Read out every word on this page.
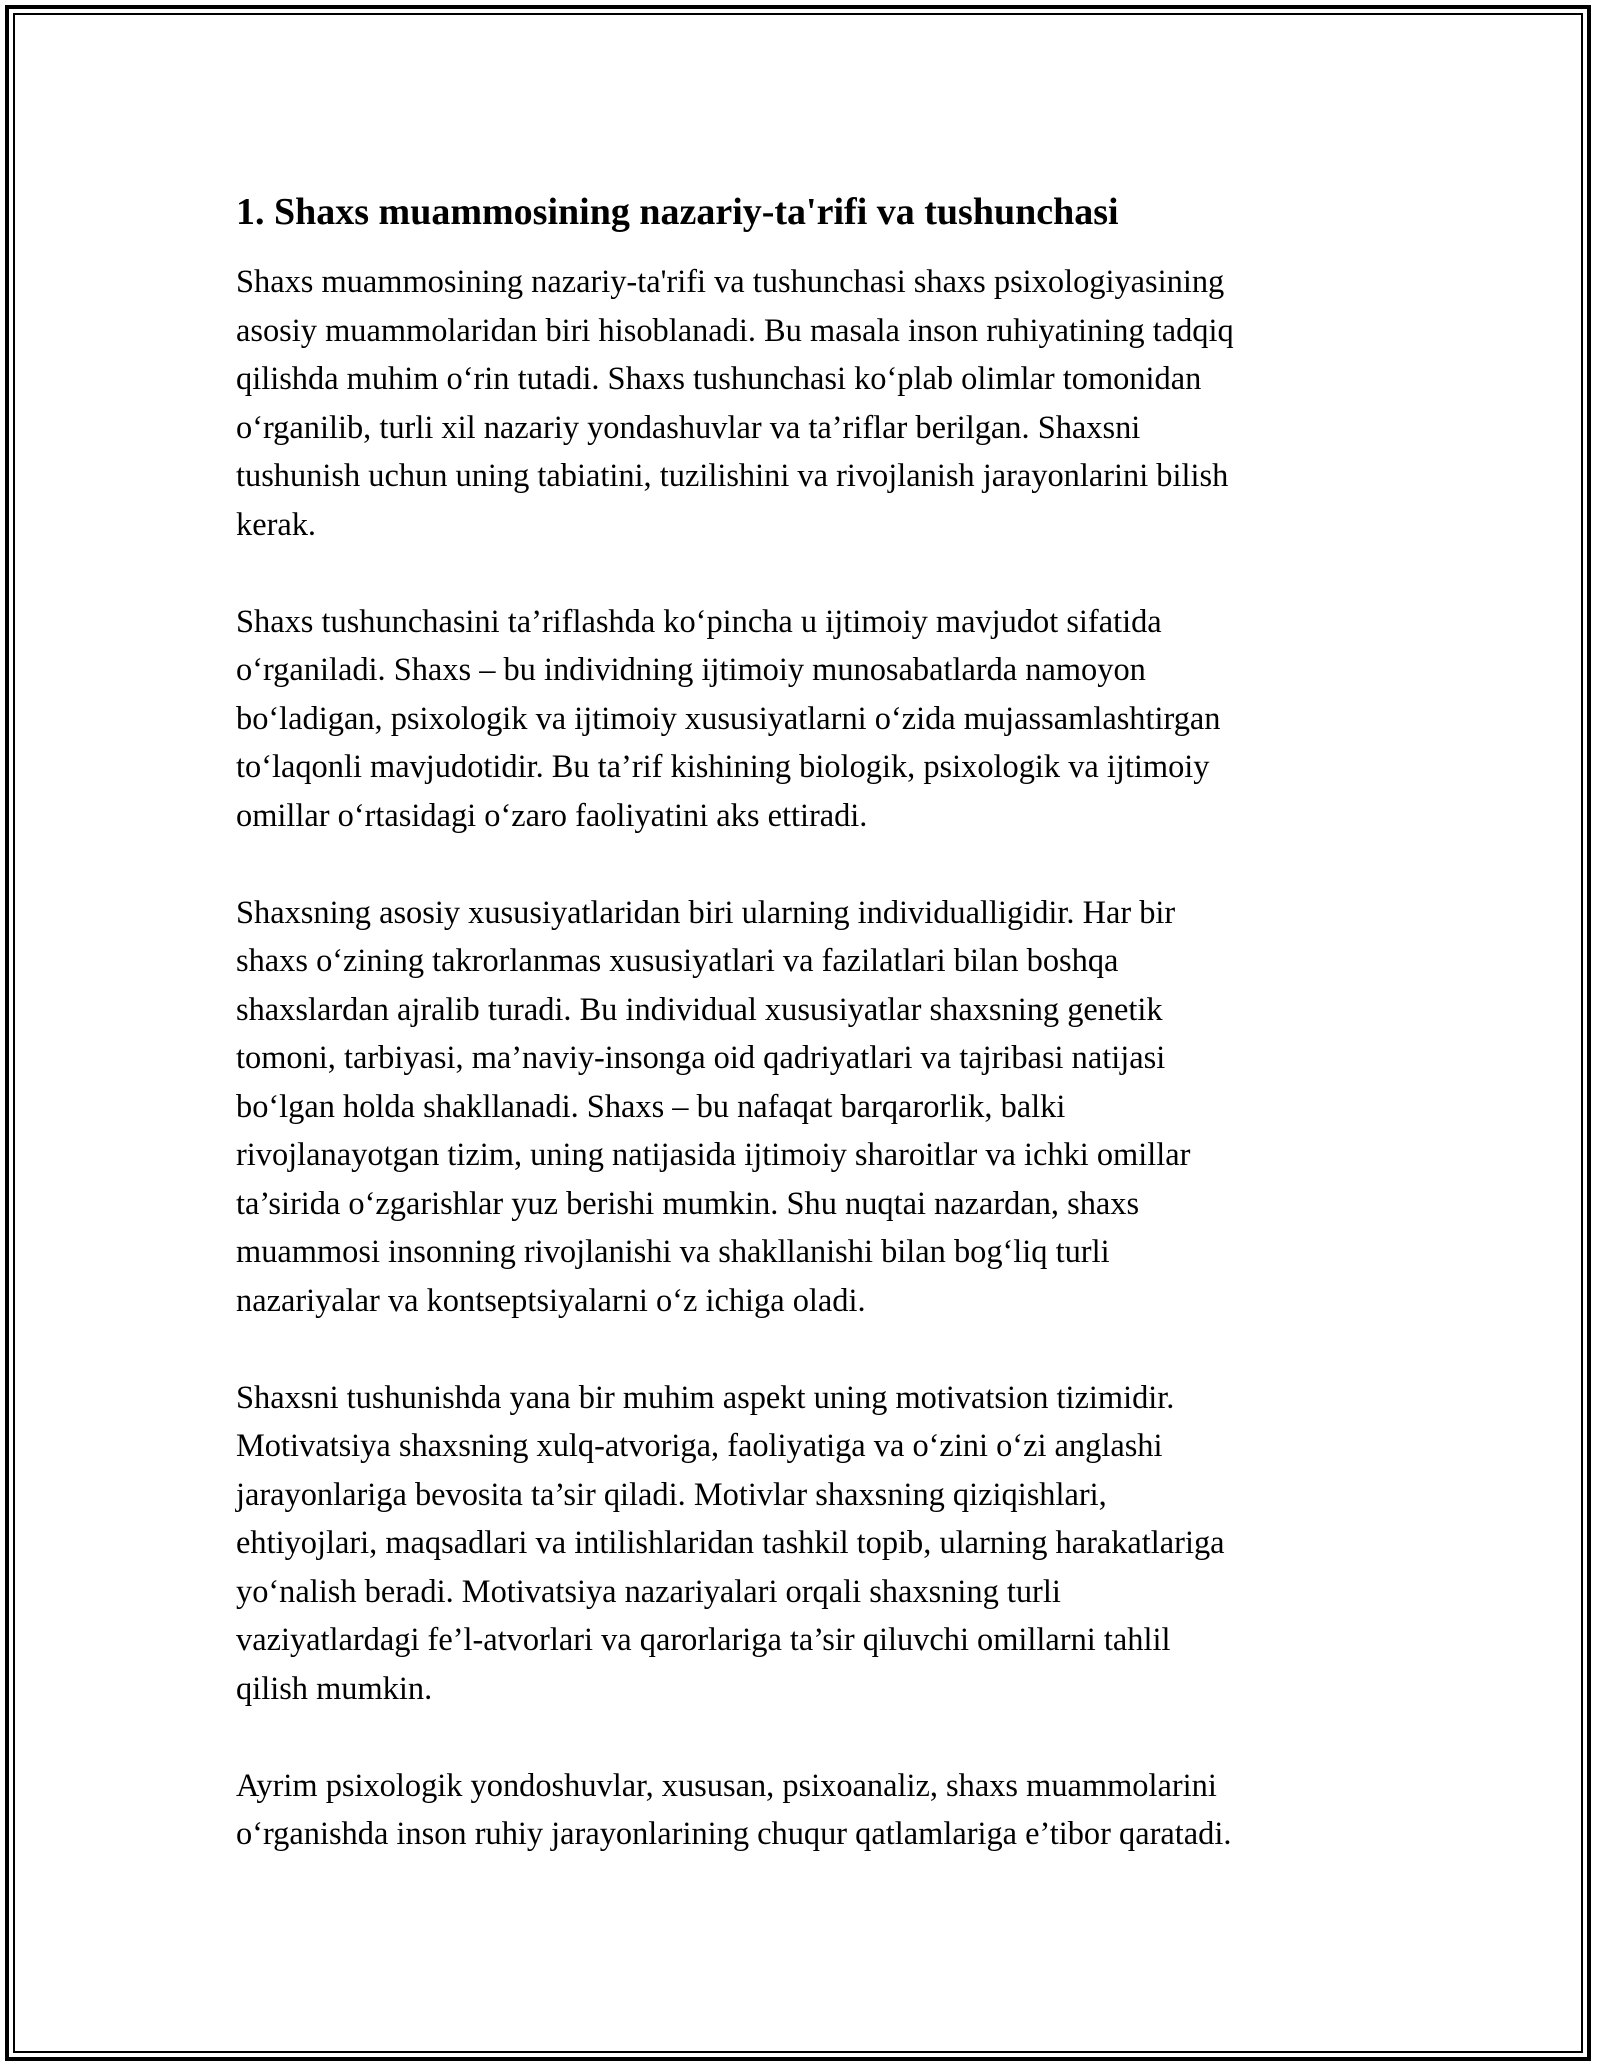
1. Shaxs muammosining nazariy-ta'rifi va tushunchasi

Shaxs muammosining nazariy-ta'rifi va tushunchasi shaxs psixologiyasining
asosiy muammolaridan biri hisoblanadi. Bu masala inson ruhiyatining tadqiq
qilishda muhim o‘rin tutadi. Shaxs tushunchasi ko‘plab olimlar tomonidan
o‘rganilib, turli xil nazariy yondashuvlar va ta’riflar berilgan. Shaxsni
tushunish uchun uning tabiatini, tuzilishini va rivojlanish jarayonlarini bilish
kerak.

Shaxs tushunchasini ta’riflashda ko‘pincha u ijtimoiy mavjudot sifatida
o‘rganiladi. Shaxs – bu individning ijtimoiy munosabatlarda namoyon
bo‘ladigan, psixologik va ijtimoiy xususiyatlarni o‘zida mujassamlashtirgan
to‘laqonli mavjudotidir. Bu ta’rif kishining biologik, psixologik va ijtimoiy
omillar o‘rtasidagi o‘zaro faoliyatini aks ettiradi.

Shaxsning asosiy xususiyatlaridan biri ularning individualligidir. Har bir
shaxs o‘zining takrorlanmas xususiyatlari va fazilatlari bilan boshqa
shaxslardan ajralib turadi. Bu individual xususiyatlar shaxsning genetik
tomoni, tarbiyasi, ma’naviy-insonga oid qadriyatlari va tajribasi natijasi
bo‘lgan holda shakllanadi. Shaxs – bu nafaqat barqarorlik, balki
rivojlanayotgan tizim, uning natijasida ijtimoiy sharoitlar va ichki omillar
ta’sirida o‘zgarishlar yuz berishi mumkin. Shu nuqtai nazardan, shaxs
muammosi insonning rivojlanishi va shakllanishi bilan bog‘liq turli
nazariyalar va kontseptsiyalarni o‘z ichiga oladi.

Shaxsni tushunishda yana bir muhim aspekt uning motivatsion tizimidir.
Motivatsiya shaxsning xulq-atvoriga, faoliyatiga va o‘zini o‘zi anglashi
jarayonlariga bevosita ta’sir qiladi. Motivlar shaxsning qiziqishlari,
ehtiyojlari, maqsadlari va intilishlaridan tashkil topib, ularning harakatlariga
yo‘nalish beradi. Motivatsiya nazariyalari orqali shaxsning turli
vaziyatlardagi fe’l-atvorlari va qarorlariga ta’sir qiluvchi omillarni tahlil
qilish mumkin.

Ayrim psixologik yondoshuvlar, xususan, psixoanaliz, shaxs muammolarini
o‘rganishda inson ruhiy jarayonlarining chuqur qatlamlariga e’tibor qaratadi.
